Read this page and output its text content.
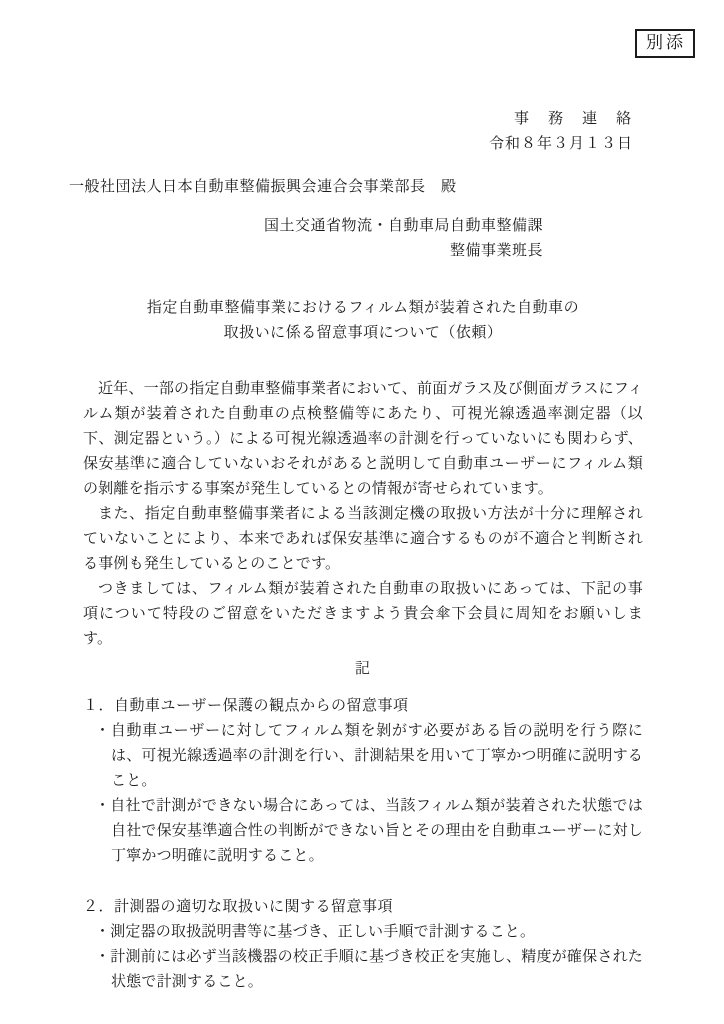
別添
事　務　連　絡
令和８年３月１３日
一般社団法人日本自動車整備振興会連合会事業部長　殿
国土交通省物流・自動車局自動車整備課
整備事業班長
指定自動車整備事業におけるフィルム類が装着された自動車の
取扱いに係る留意事項について（依頼）

近年、一部の指定自動車整備事業者において、前面ガラス及び側面ガラスにフィルム類が装着された自動車の点検整備等にあたり、可視光線透過率測定器（以下、測定器という。）による可視光線透過率の計測を行っていないにも関わらず、保安基準に適合していないおそれがあると説明して自動車ユーザーにフィルム類の剝離を指示する事案が発生しているとの情報が寄せられています。

また、指定自動車整備事業者による当該測定機の取扱い方法が十分に理解されていないことにより、本来であれば保安基準に適合するものが不適合と判断される事例も発生しているとのことです。

つきましては、フィルム類が装着された自動車の取扱いにあっては、下記の事項について特段のご留意をいただきますよう貴会傘下会員に周知をお願いします。

記
１．自動車ユーザー保護の観点からの留意事項
・自動車ユーザーに対してフィルム類を剝がす必要がある旨の説明を行う際には、可視光線透過率の計測を行い、計測結果を用いて丁寧かつ明確に説明すること。
・自社で計測ができない場合にあっては、当該フィルム類が装着された状態では自社で保安基準適合性の判断ができない旨とその理由を自動車ユーザーに対し丁寧かつ明確に説明すること。
２．計測器の適切な取扱いに関する留意事項
・測定器の取扱説明書等に基づき、正しい手順で計測すること。
・計測前には必ず当該機器の校正手順に基づき校正を実施し、精度が確保された状態で計測すること。
